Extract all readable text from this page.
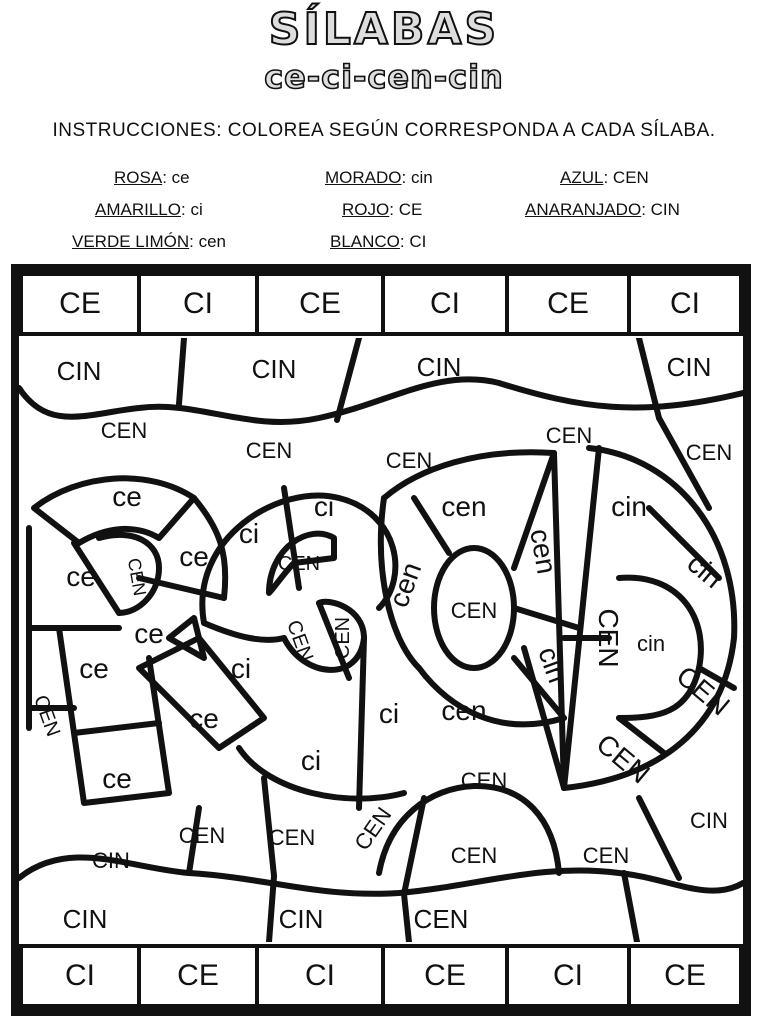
SÍLABAS
ce-ci-cen-cin
INSTRUCCIONES: COLOREA SEGÚN CORRESPONDA A CADA SÍLABA.
ROSA: ce	MORADO: cin	AZUL: CEN
AMARILLO: ci	ROJO: CE	ANARANJADO: CIN
VERDE LIMÓN: cen	BLANCO: CI
CE	CI	CE	CI	CE	CI
CIN	CIN	CIN	CIN
CEN
CEN	CEN
CEN
CEN
ce
ce
ce CEN
ce
ce
ce
ce
ci
CEN
ci
ci
CEN CEN
ci
ci
cen
cen CEN
cen
cen
cin
cin
cin
CEN cin
CEN
CEN
CEN
CEN CEN CEN
CEN	CEN
CIN
CIN
CIN	CIN	CEN
CEN
CI	CE	CI	CE	CI	CE
